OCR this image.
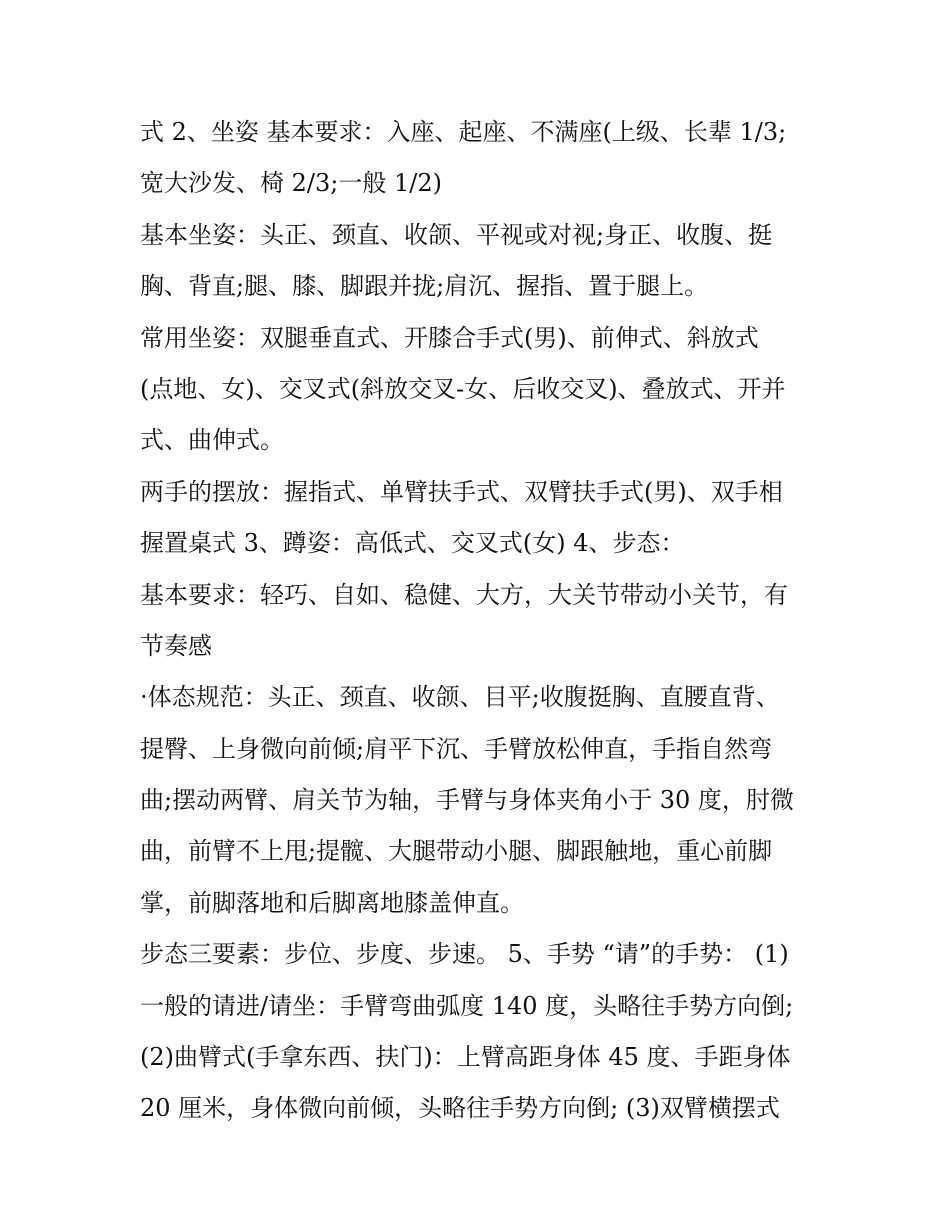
式 2、坐姿 基本要求：入座、起座、不满座(上级、长辈 1/3;
宽大沙发、椅 2/3;一般 1/2)
基本坐姿：头正、颈直、收颌、平视或对视;身正、收腹、挺
胸、背直;腿、膝、脚跟并拢;肩沉、握指、置于腿上。
常用坐姿：双腿垂直式、开膝合手式(男)、前伸式、斜放式
(点地、女)、交叉式(斜放交叉-女、后收交叉)、叠放式、开并
式、曲伸式。
两手的摆放：握指式、单臂扶手式、双臂扶手式(男)、双手相
握置桌式 3、蹲姿：高低式、交叉式(女) 4、步态：
基本要求：轻巧、自如、稳健、大方，大关节带动小关节，有
节奏感
·体态规范：头正、颈直、收颌、目平;收腹挺胸、直腰直背、
提臀、上身微向前倾;肩平下沉、手臂放松伸直，手指自然弯
曲;摆动两臂、肩关节为轴，手臂与身体夹角小于 30 度，肘微
曲，前臂不上甩;提髋、大腿带动小腿、脚跟触地，重心前脚
掌，前脚落地和后脚离地膝盖伸直。
步态三要素：步位、步度、步速。 5、手势 “请”的手势： (1)
一般的请进/请坐：手臂弯曲弧度 140 度，头略往手势方向倒;
(2)曲臂式(手拿东西、扶门)：上臂高距身体 45 度、手距身体
20 厘米，身体微向前倾，头略往手势方向倒; (3)双臂横摆式
